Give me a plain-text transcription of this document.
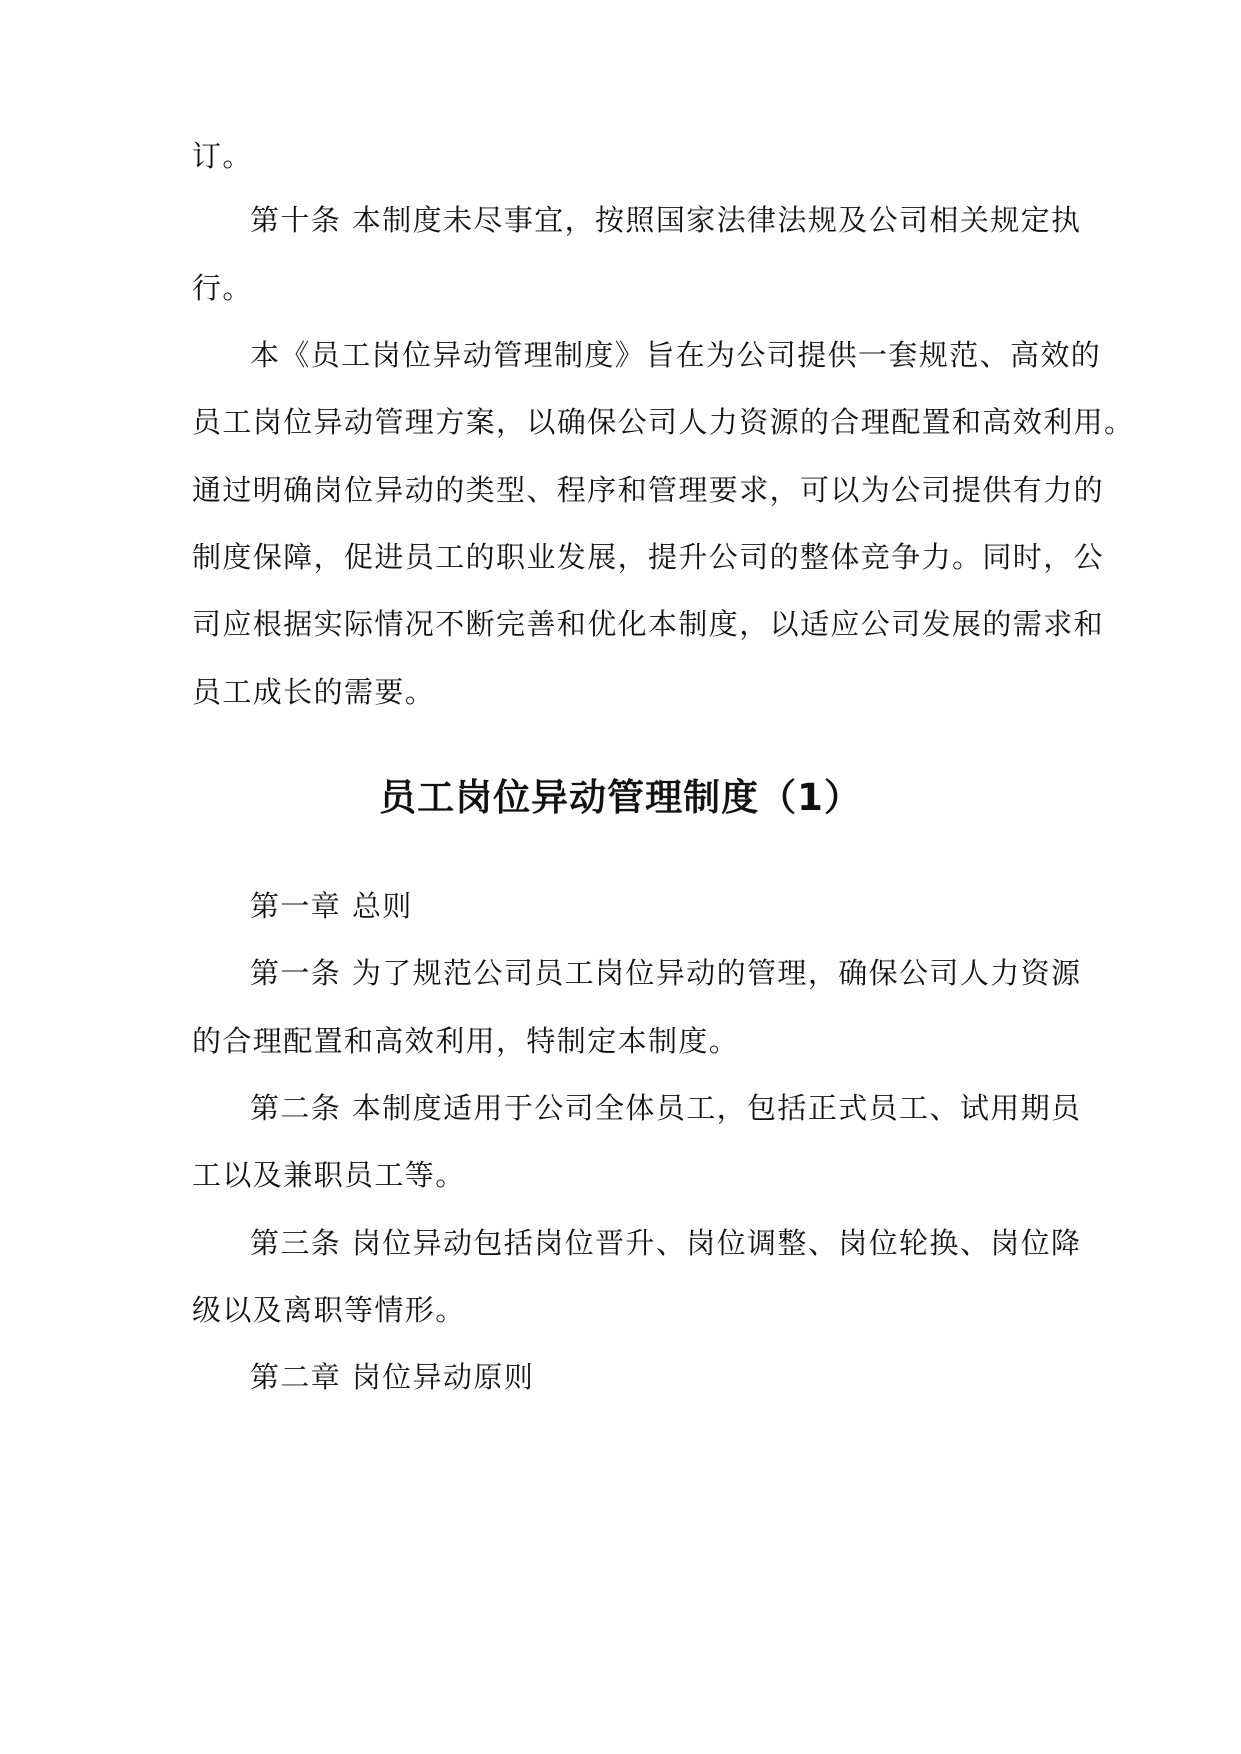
订。
第十条 本制度未尽事宜，按照国家法律法规及公司相关规定执
行。
本《员工岗位异动管理制度》旨在为公司提供一套规范、高效的
员工岗位异动管理方案，以确保公司人力资源的合理配置和高效利用。
通过明确岗位异动的类型、程序和管理要求，可以为公司提供有力的
制度保障，促进员工的职业发展，提升公司的整体竞争力。同时，公
司应根据实际情况不断完善和优化本制度，以适应公司发展的需求和
员工成长的需要。
员工岗位异动管理制度（1）
第一章 总则
第一条 为了规范公司员工岗位异动的管理，确保公司人力资源
的合理配置和高效利用，特制定本制度。
第二条 本制度适用于公司全体员工，包括正式员工、试用期员
工以及兼职员工等。
第三条 岗位异动包括岗位晋升、岗位调整、岗位轮换、岗位降
级以及离职等情形。
第二章 岗位异动原则
